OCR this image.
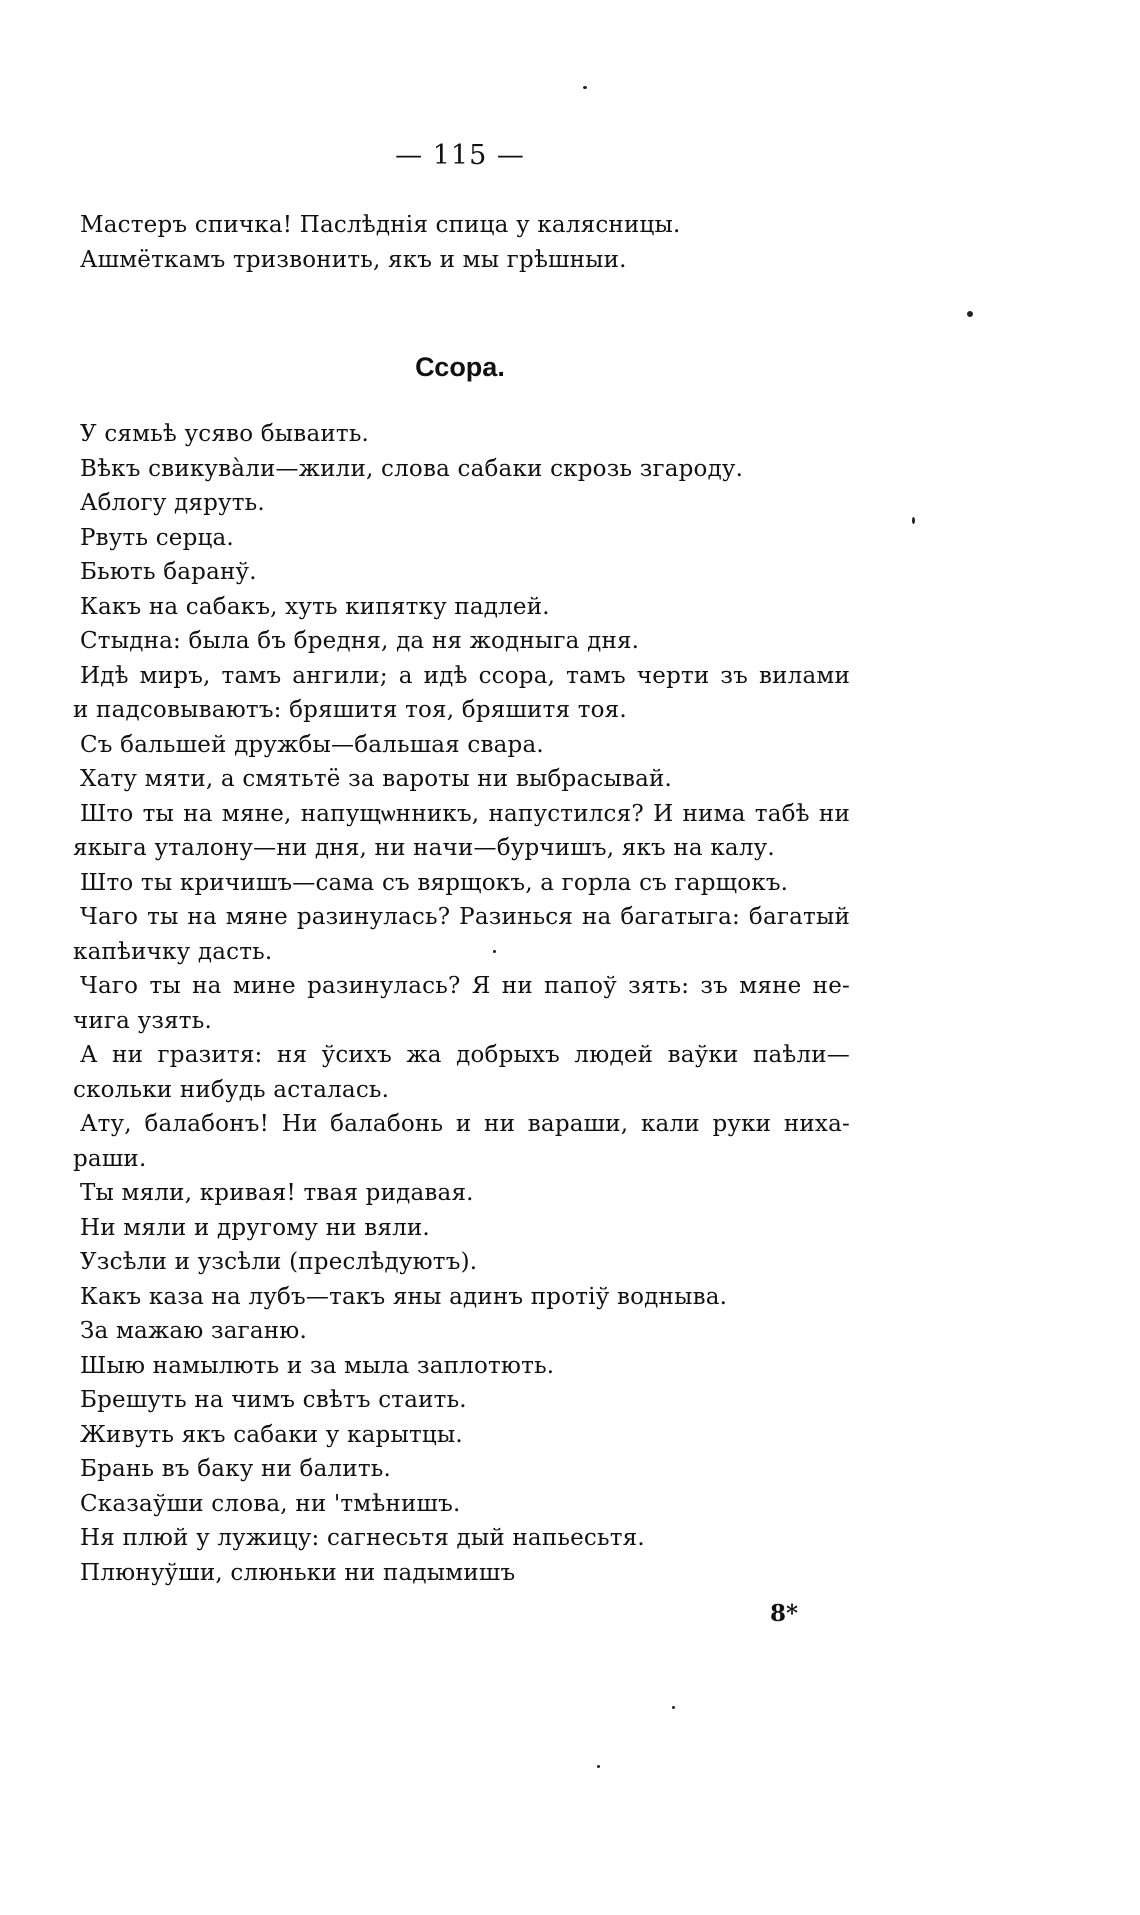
— 115 —
Мастеръ спичка! Паслѣднія спица у калясницы.
Ашмёткамъ тризвонить, якъ и мы грѣшныи.
Ссора.
У сямьѣ усяво бываить.
Вѣкъ свикувàли—жили, слова сабаки скрозь згароду.
Аблогу дяруть.
Рвуть серца.
Бьють баранў.
Какъ на сабакъ, хуть кипятку падлей.
Стыдна: была бъ бредня, да ня жодныга дня.
Идѣ миръ, тамъ ангили; а идѣ ссора, тамъ черти зъ вилами
и падсовываютъ: бряшитя тоя, бряшитя тоя.
Съ бальшей дружбы—бальшая свара.
Хату мяти, а смятьтё за вароты ни выбрасывай.
Што ты на мяне, напущѡнникъ, напустился? И нима табѣ ни
якыга уталону—ни дня, ни начи—бурчишъ, якъ на калу.
Што ты кричишъ—сама съ вярщокъ, а горла съ гарщокъ.
Чаго ты на мяне разинулась? Разинься на багатыга: багатый
капѣичку дасть.
Чаго ты на мине разинулась? Я ни папоў зять: зъ мяне не-
чига узять.
А ни гразитя: ня ўсихъ жа добрыхъ людей ваўки паѣли—
скольки нибудь асталась.
Ату, балабонъ! Ни балабонь и ни вараши, кали руки нихa-
раши.
Ты мяли, кривая! твая ридавая.
Ни мяли и другому ни вяли.
Узсѣли и узсѣли (преслѣдуютъ).
Какъ каза на лубъ—такъ яны адинъ протіў водныва.
За мажаю заганю.
Шыю намылють и за мыла заплотють.
Брешуть на чимъ свѣтъ стаить.
Живуть якъ сабаки у карытцы.
Брань въ баку ни балить.
Сказаўши слова, ни 'тмѣнишъ.
Ня плюй у лужицу: сагнесьтя дый напьесьтя.
Плюнуўши, слюньки ни падымишъ
8*
